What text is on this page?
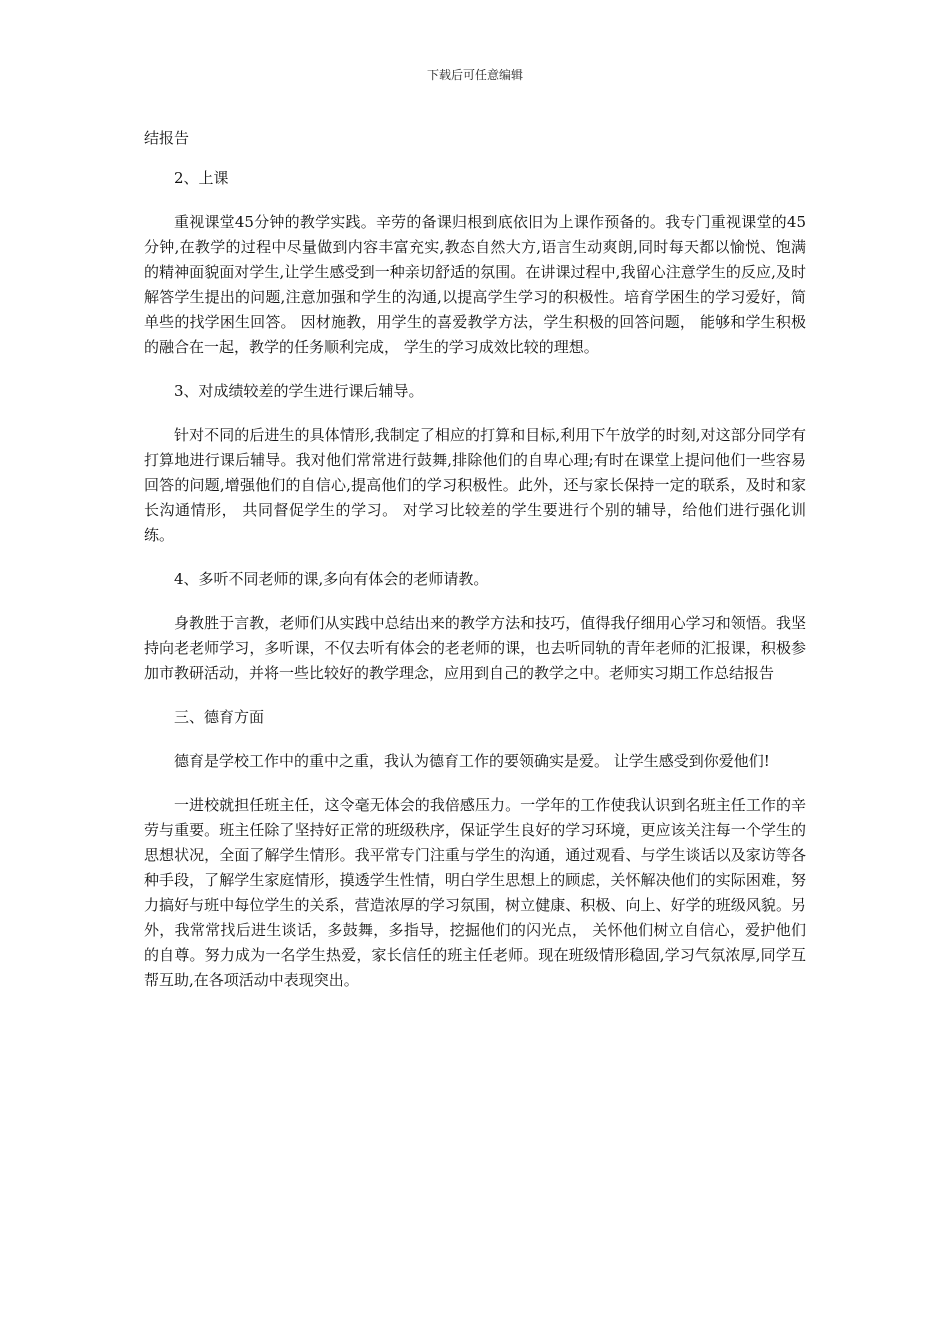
下载后可任意编辑

结报告

2、上课

重视课堂45分钟的教学实践。辛劳的备课归根到底依旧为上课作预备的。我专门重视课堂的45分钟,在教学的过程中尽量做到内容丰富充实,教态自然大方,语言生动爽朗,同时每天都以愉悦、饱满的精神面貌面对学生,让学生感受到一种亲切舒适的氛围。在讲课过程中,我留心注意学生的反应,及时解答学生提出的问题,注意加强和学生的沟通,以提高学生学习的积极性。培育学困生的学习爱好，简单些的找学困生回答。 因材施教，用学生的喜爱教学方法，学生积极的回答问题， 能够和学生积极的融合在一起，教学的任务顺利完成， 学生的学习成效比较的理想。

3、对成绩较差的学生进行课后辅导。

针对不同的后进生的具体情形,我制定了相应的打算和目标,利用下午放学的时刻,对这部分同学有打算地进行课后辅导。我对他们常常进行鼓舞,排除他们的自卑心理;有时在课堂上提问他们一些容易回答的问题,增强他们的自信心,提高他们的学习积极性。此外，还与家长保持一定的联系，及时和家长沟通情形， 共同督促学生的学习。 对学习比较差的学生要进行个别的辅导，给他们进行强化训练。

4、多听不同老师的课,多向有体会的老师请教。

身教胜于言教，老师们从实践中总结出来的教学方法和技巧，值得我仔细用心学习和领悟。我坚持向老老师学习，多听课，不仅去听有体会的老老师的课，也去听同轨的青年老师的汇报课，积极参加市教研活动，并将一些比较好的教学理念，应用到自己的教学之中。老师实习期工作总结报告

三、德育方面

德育是学校工作中的重中之重，我认为德育工作的要领确实是爱。 让学生感受到你爱他们!

一进校就担任班主任，这令毫无体会的我倍感压力。一学年的工作使我认识到名班主任工作的辛劳与重要。班主任除了坚持好正常的班级秩序，保证学生良好的学习环境，更应该关注每一个学生的思想状况，全面了解学生情形。我平常专门注重与学生的沟通，通过观看、与学生谈话以及家访等各种手段，了解学生家庭情形，摸透学生性情，明白学生思想上的顾虑，关怀解决他们的实际困难，努力搞好与班中每位学生的关系，营造浓厚的学习氛围，树立健康、积极、向上、好学的班级风貌。另外，我常常找后进生谈话，多鼓舞，多指导，挖掘他们的闪光点， 关怀他们树立自信心，爱护他们的自尊。努力成为一名学生热爱，家长信任的班主任老师。现在班级情形稳固,学习气氛浓厚,同学互帮互助,在各项活动中表现突出。
